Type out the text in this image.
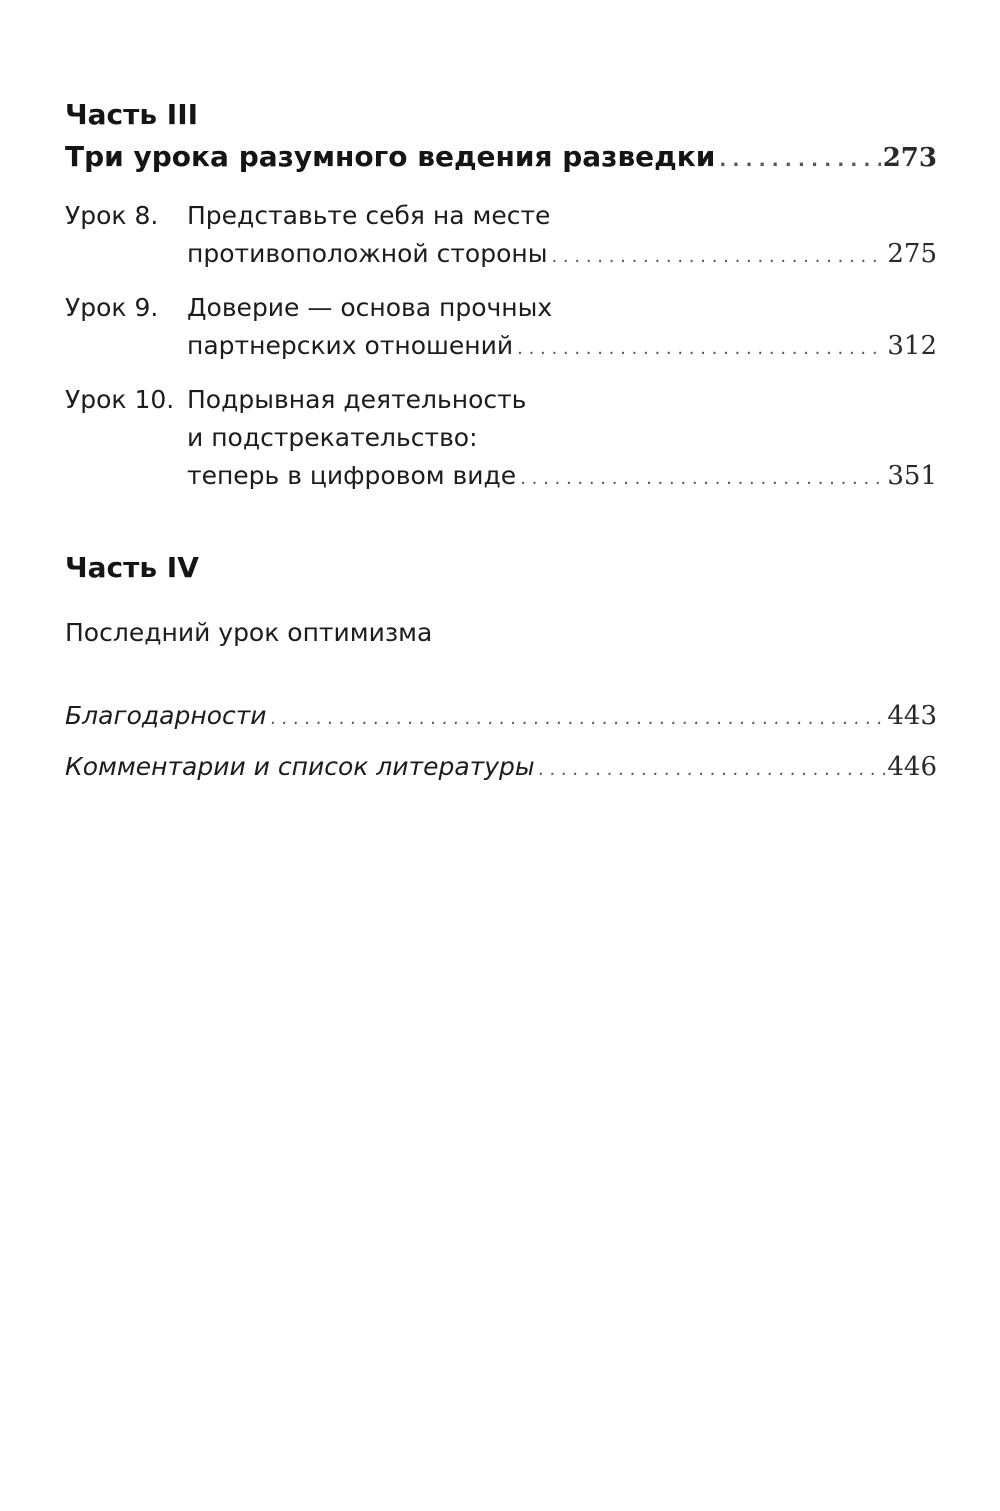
Часть III
Три урока разумного ведения разведки . . .	273
Урок 8.	Представьте себя на месте
противоположной стороны . . .	275
Урок 9.	Доверие — основа прочных
партнерских отношений . . .	312
Урок 10. Подрывная деятельность
и подстрекательство:
теперь в цифровом виде . . .	351
Часть IV
Последний урок оптимизма
Благодарности . . .	443
Комментарии и список литературы . . .	446
